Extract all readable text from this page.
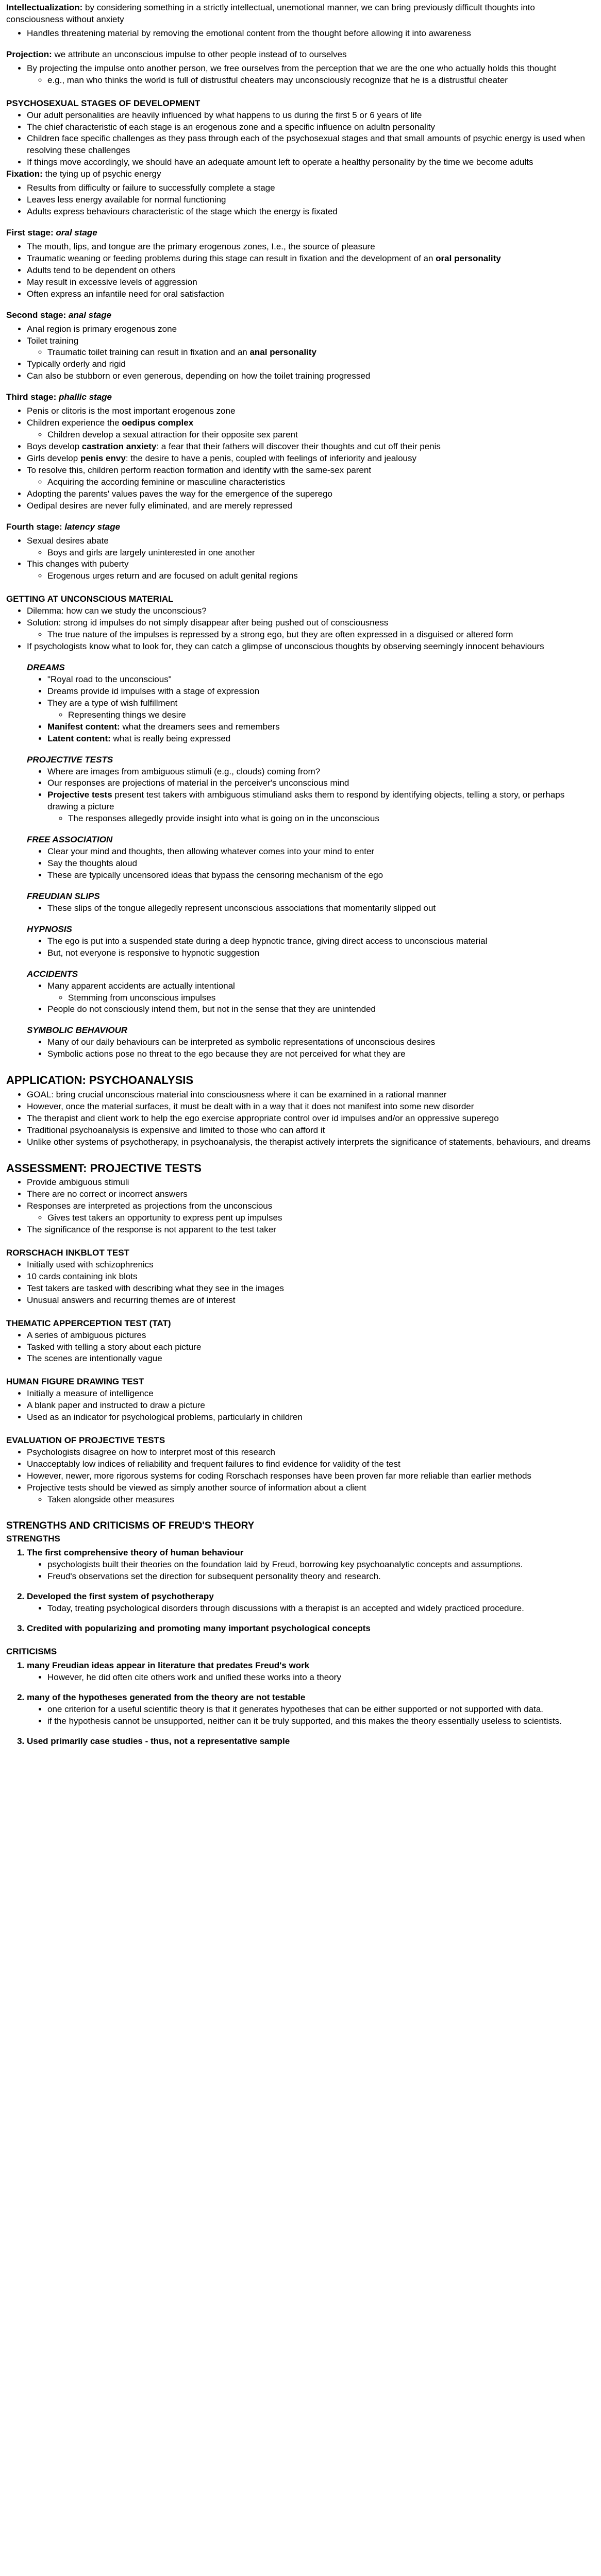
Intellectualization: by considering something in a strictly intellectual, unemotional manner, we can bring previously difficult thoughts into consciousness without anxiety

• Handles threatening material by removing the emotional content from the thought before allowing it into awareness

Projection: we attribute an unconscious impulse to other people instead of to ourselves

• By projecting the impulse onto another person, we free ourselves from the perception that we are the one who actually holds this thought
◦ e.g., man who thinks the world is full of distrustful cheaters may unconsciously recognize that he is a distrustful cheater
PSYCHOSEXUAL STAGES OF DEVELOPMENT
• Our adult personalities are heavily influenced by what happens to us during the first 5 or 6 years of life
• The chief characteristic of each stage is an erogenous zone and a specific influence on adultn personality
• Children face specific challenges as they pass through each of the psychosexual stages and that small amounts of psychic energy is used when resolving these challenges
• If things move accordingly, we should have an adequate amount left to operate a healthy personality by the time we become adults

Fixation: the tying up of psychic energy

• Results from difficulty or failure to successfully complete a stage
• Leaves less energy available for normal functioning
• Adults express behaviours characteristic of the stage which the energy is fixated

First stage: oral stage

• The mouth, lips, and tongue are the primary erogenous zones, I.e., the source of pleasure
• Traumatic weaning or feeding problems during this stage can result in fixation and the development of an oral personality
• Adults tend to be dependent on others
• May result in excessive levels of aggression
• Often express an infantile need for oral satisfaction

Second stage: anal stage

• Anal region is primary erogenous zone
• Toilet training
◦ Traumatic toilet training can result in fixation and an anal personality
• Typically orderly and rigid
• Can also be stubborn or even generous, depending on how the toilet training progressed

Third stage: phallic stage

• Penis or clitoris is the most important erogenous zone
• Children experience the oedipus complex
◦ Children develop a sexual attraction for their opposite sex parent
• Boys develop castration anxiety: a fear that their fathers will discover their thoughts and cut off their penis
• Girls develop penis envy: the desire to have a penis, coupled with feelings of inferiority and jealousy
• To resolve this, children perform reaction formation and identify with the same-sex parent
◦ Acquiring the according feminine or masculine characteristics
• Adopting the parents' values paves the way for the emergence of the superego
• Oedipal desires are never fully eliminated, and are merely repressed

Fourth stage: latency stage

• Sexual desires abate
◦ Boys and girls are largely uninterested in one another
• This changes with puberty
◦ Erogenous urges return and are focused on adult genital regions
GETTING AT UNCONSCIOUS MATERIAL
• Dilemma: how can we study the unconscious?
• Solution: strong id impulses do not simply disappear after being pushed out of consciousness
◦ The true nature of the impulses is repressed by a strong ego, but they are often expressed in a disguised or altered form
• If psychologists know what to look for, they can catch a glimpse of unconscious thoughts by observing seemingly innocent behaviours
DREAMS
• "Royal road to the unconscious"
• Dreams provide id impulses with a stage of expression
• They are a type of wish fulfillment
◦ Representing things we desire
• Manifest content: what the dreamers sees and remembers
• Latent content: what is really being expressed
PROJECTIVE TESTS
• Where are images from ambiguous stimuli (e.g., clouds) coming from?
• Our responses are projections of material in the perceiver's unconscious mind
• Projective tests present test takers with ambiguous stimuliand asks them to respond by identifying objects, telling a story, or perhaps drawing a picture
◦ The responses allegedly provide insight into what is going on in the unconscious
FREE ASSOCIATION
• Clear your mind and thoughts, then allowing whatever comes into your mind to enter
• Say the thoughts aloud
• These are typically uncensored ideas that bypass the censoring mechanism of the ego
FREUDIAN SLIPS
• These slips of the tongue allegedly represent unconscious associations that momentarily slipped out
HYPNOSIS
• The ego is put into a suspended state during a deep hypnotic trance, giving direct access to unconscious material
• But, not everyone is responsive to hypnotic suggestion
ACCIDENTS
• Many apparent accidents are actually intentional
◦ Stemming from unconscious impulses
• People do not consciously intend them, but not in the sense that they are unintended
SYMBOLIC BEHAVIOUR
• Many of our daily behaviours can be interpreted as symbolic representations of unconscious desires
• Symbolic actions pose no threat to the ego because they are not perceived for what they are
APPLICATION: PSYCHOANALYSIS
• GOAL: bring crucial unconscious material into consciousness where it can be examined in a rational manner
• However, once the material surfaces, it must be dealt with in a way that it does not manifest into some new disorder
• The therapist and client work to help the ego exercise appropriate control over id impulses and/or an oppressive superego
• Traditional psychoanalysis is expensive and limited to those who can afford it
• Unlike other systems of psychotherapy, in psychoanalysis, the therapist actively interprets the significance of statements, behaviours, and dreams
ASSESSMENT: PROJECTIVE TESTS
• Provide ambiguous stimuli
• There are no correct or incorrect answers
• Responses are interpreted as projections from the unconscious
◦ Gives test takers an opportunity to express pent up impulses
• The significance of the response is not apparent to the test taker
RORSCHACH INKBLOT TEST
• Initially used with schizophrenics
• 10 cards containing ink blots
• Test takers are tasked with describing what they see in the images
• Unusual answers and recurring themes are of interest
THEMATIC APPERCEPTION TEST (TAT)
• A series of ambiguous pictures
• Tasked with telling a story about each picture
• The scenes are intentionally vague
HUMAN FIGURE DRAWING TEST
• Initially a measure of intelligence
• A blank paper and instructed to draw a picture
• Used as an indicator for psychological problems, particularly in children
EVALUATION OF PROJECTIVE TESTS
• Psychologists disagree on how to interpret most of this research
• Unacceptably low indices of reliability and frequent failures to find evidence for validity of the test
• However, newer, more rigorous systems for coding Rorschach responses have been proven far more reliable than earlier methods
• Projective tests should be viewed as simply another source of information about a client
◦ Taken alongside other measures
STRENGTHS AND CRITICISMS OF FREUD'S THEORY
STRENGTHS
1. The first comprehensive theory of human behaviour
• psychologists built their theories on the foundation laid by Freud, borrowing key psychoanalytic concepts and assumptions.
• Freud's observations set the direction for subsequent personality theory and research.
2. Developed the first system of psychotherapy
• Today, treating psychological disorders through discussions with a therapist is an accepted and widely practiced procedure.
3. Credited with popularizing and promoting many important psychological concepts
CRITICISMS
1. many Freudian ideas appear in literature that predates Freud's work
• However, he did often cite others work and unified these works into a theory
2. many of the hypotheses generated from the theory are not testable
• one criterion for a useful scientific theory is that it generates hypotheses that can be either supported or not supported with data.
• if the hypothesis cannot be unsupported, neither can it be truly supported, and this makes the theory essentially useless to scientists.
3. Used primarily case studies - thus, not a representative sample
